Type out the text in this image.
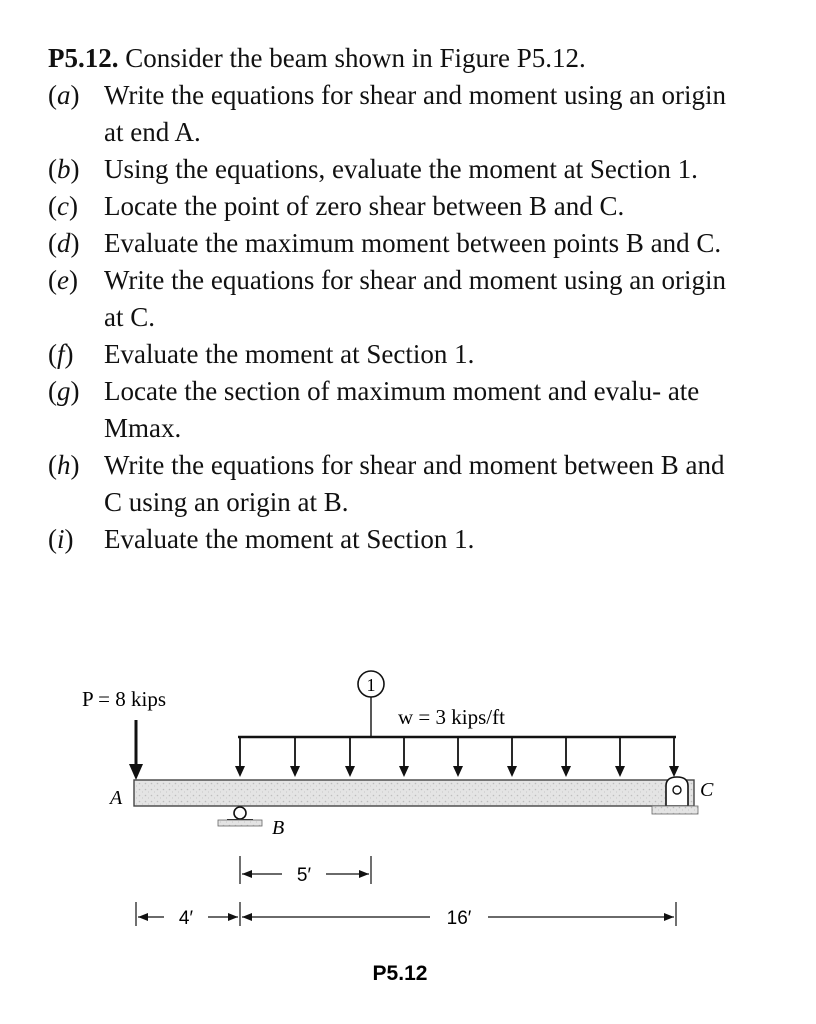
P5.12. Consider the beam shown in Figure P5.12.

(a) Write the equations for shear and moment using an origin at end A.

(b) Using the equations, evaluate the moment at Section 1.

(c) Locate the point of zero shear between B and C.

(d) Evaluate the maximum moment between points B and C.

(e) Write the equations for shear and moment using an origin at C.

(f) Evaluate the moment at Section 1.

(g) Locate the section of maximum moment and evalu- ate Mmax.

(h) Write the equations for shear and moment between B and C using an origin at B.

(i) Evaluate the moment at Section 1.

P = 8 kips
1
w = 3 kips/ft
A
B
C
5′
4′	16′
P5.12
